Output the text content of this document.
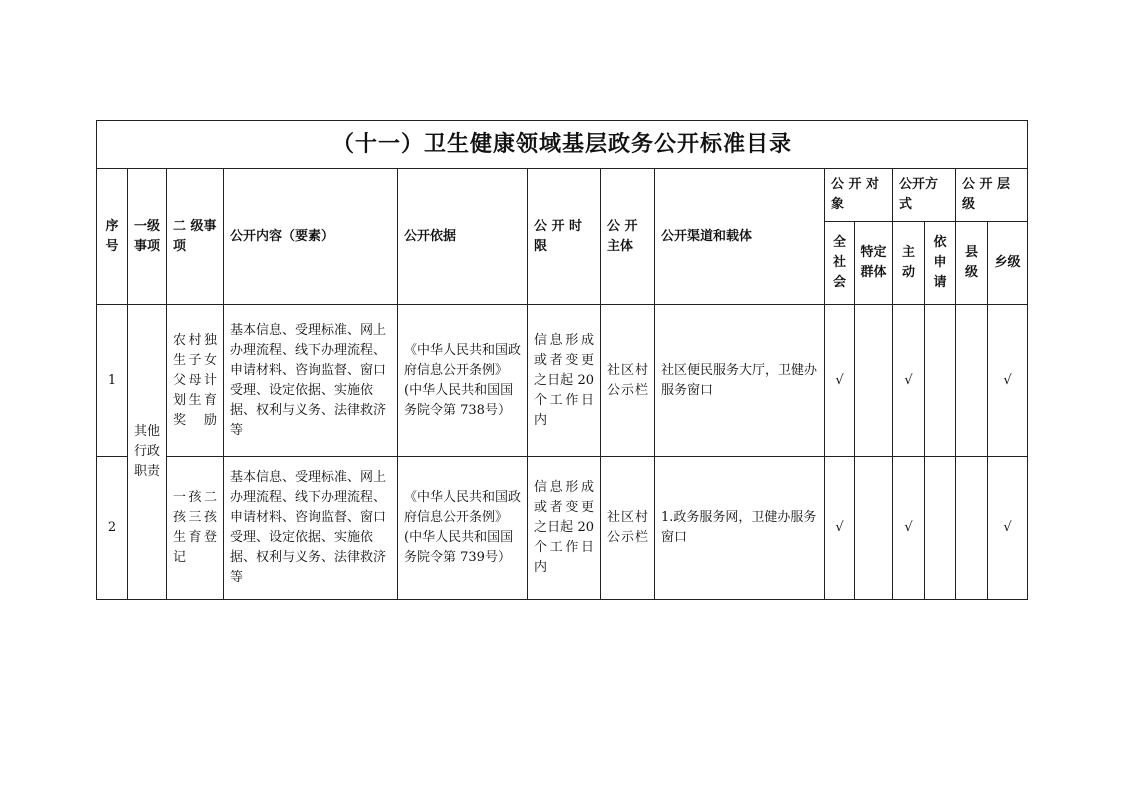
（十一）卫生健康领域基层政务公开标准目录													

序号	一级事项	二 级事项	公开内容（要素）	公开依据	公 开 时 限	公 开 主体	公开渠道和载体	公 开 对象		公开方式		公 开 层级	
								全社会	特定群体	主动	依申请	县级	乡级
1	其他行政职责	农村独生子女父母计划生育奖励	基本信息、受理标准、网上办理流程、线下办理流程、申请材料、咨询监督、窗口受理、设定依据、实施依据、权利与义务、法律救济等	《中华人民共和国政府信息公开条例》(中华人民共和国国务院令第 738号）	信息形成或者变更之日起 20个工作日内	社区村公示栏	社区便民服务大厅，卫健办服务窗口	√		√			√
2		一孩二孩三孩生育登记	基本信息、受理标准、网上办理流程、线下办理流程、申请材料、咨询监督、窗口受理、设定依据、实施依据、权利与义务、法律救济等	《中华人民共和国政府信息公开条例》(中华人民共和国国务院令第 739号）	信息形成或者变更之日起 20个工作日内	社区村公示栏	1.政务服务网，卫健办服务窗口	√		√			√
